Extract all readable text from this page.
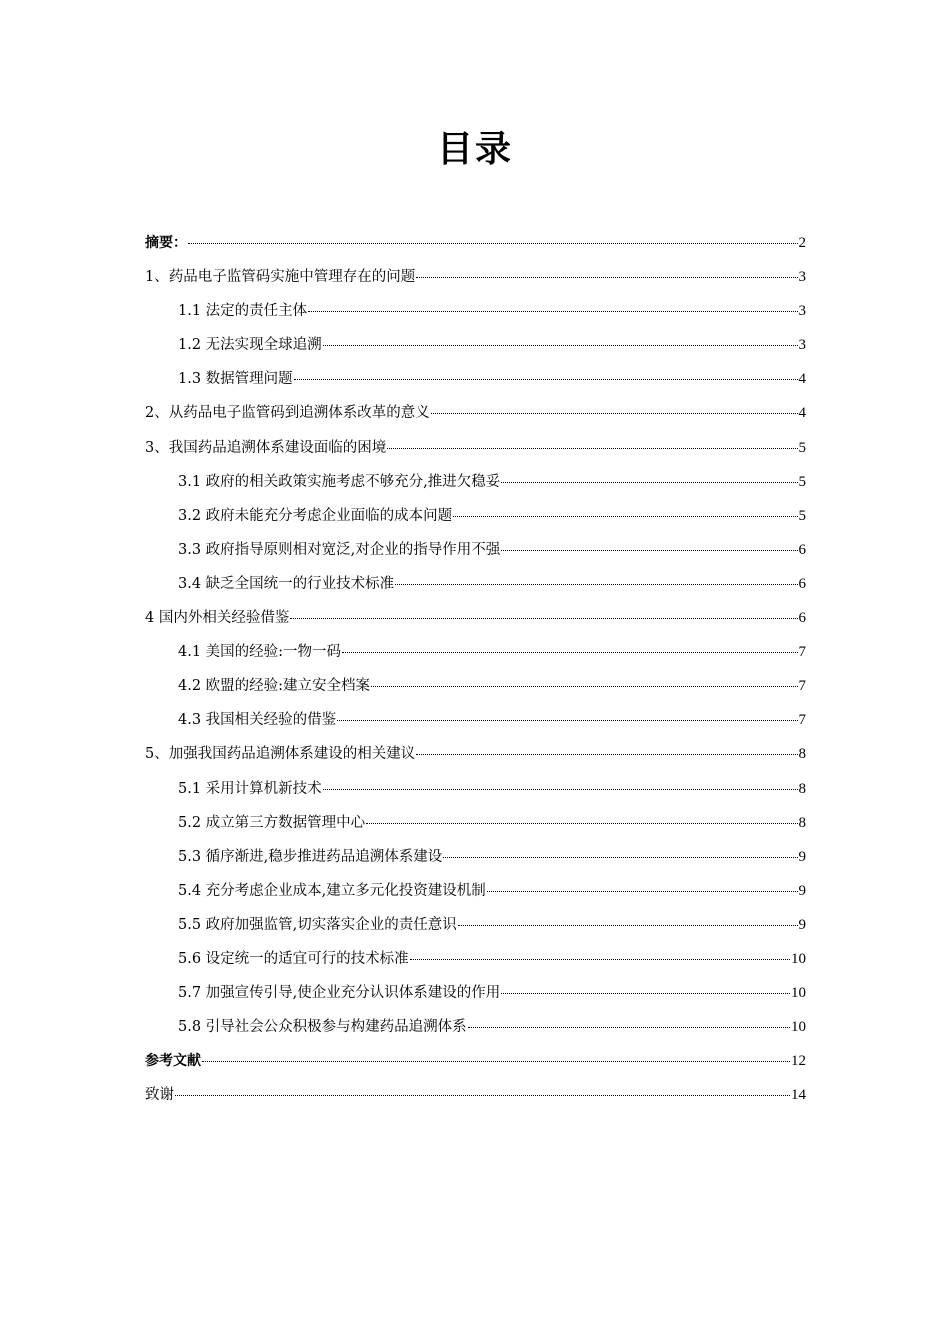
目录
摘要：	2
1、药品电子监管码实施中管理存在的问题	3
1.1 法定的责任主体	3
1.2 无法实现全球追溯	3
1.3 数据管理问题	4
2、从药品电子监管码到追溯体系改革的意义	4
3、我国药品追溯体系建设面临的困境	5
3.1 政府的相关政策实施考虑不够充分,推进欠稳妥	5
3.2 政府未能充分考虑企业面临的成本问题	5
3.3 政府指导原则相对宽泛,对企业的指导作用不强	6
3.4 缺乏全国统一的行业技术标准	6
4 国内外相关经验借鉴	6
4.1 美国的经验:一物一码	7
4.2 欧盟的经验:建立安全档案	7
4.3 我国相关经验的借鉴	7
5、加强我国药品追溯体系建设的相关建议	8
5.1 采用计算机新技术	8
5.2 成立第三方数据管理中心	8
5.3 循序渐进,稳步推进药品追溯体系建设	9
5.4 充分考虑企业成本,建立多元化投资建设机制	9
5.5 政府加强监管,切实落实企业的责任意识	9
5.6 设定统一的适宜可行的技术标准	10
5.7 加强宣传引导,使企业充分认识体系建设的作用	10
5.8 引导社会公众积极参与构建药品追溯体系	10
参考文献	12
致谢	14
